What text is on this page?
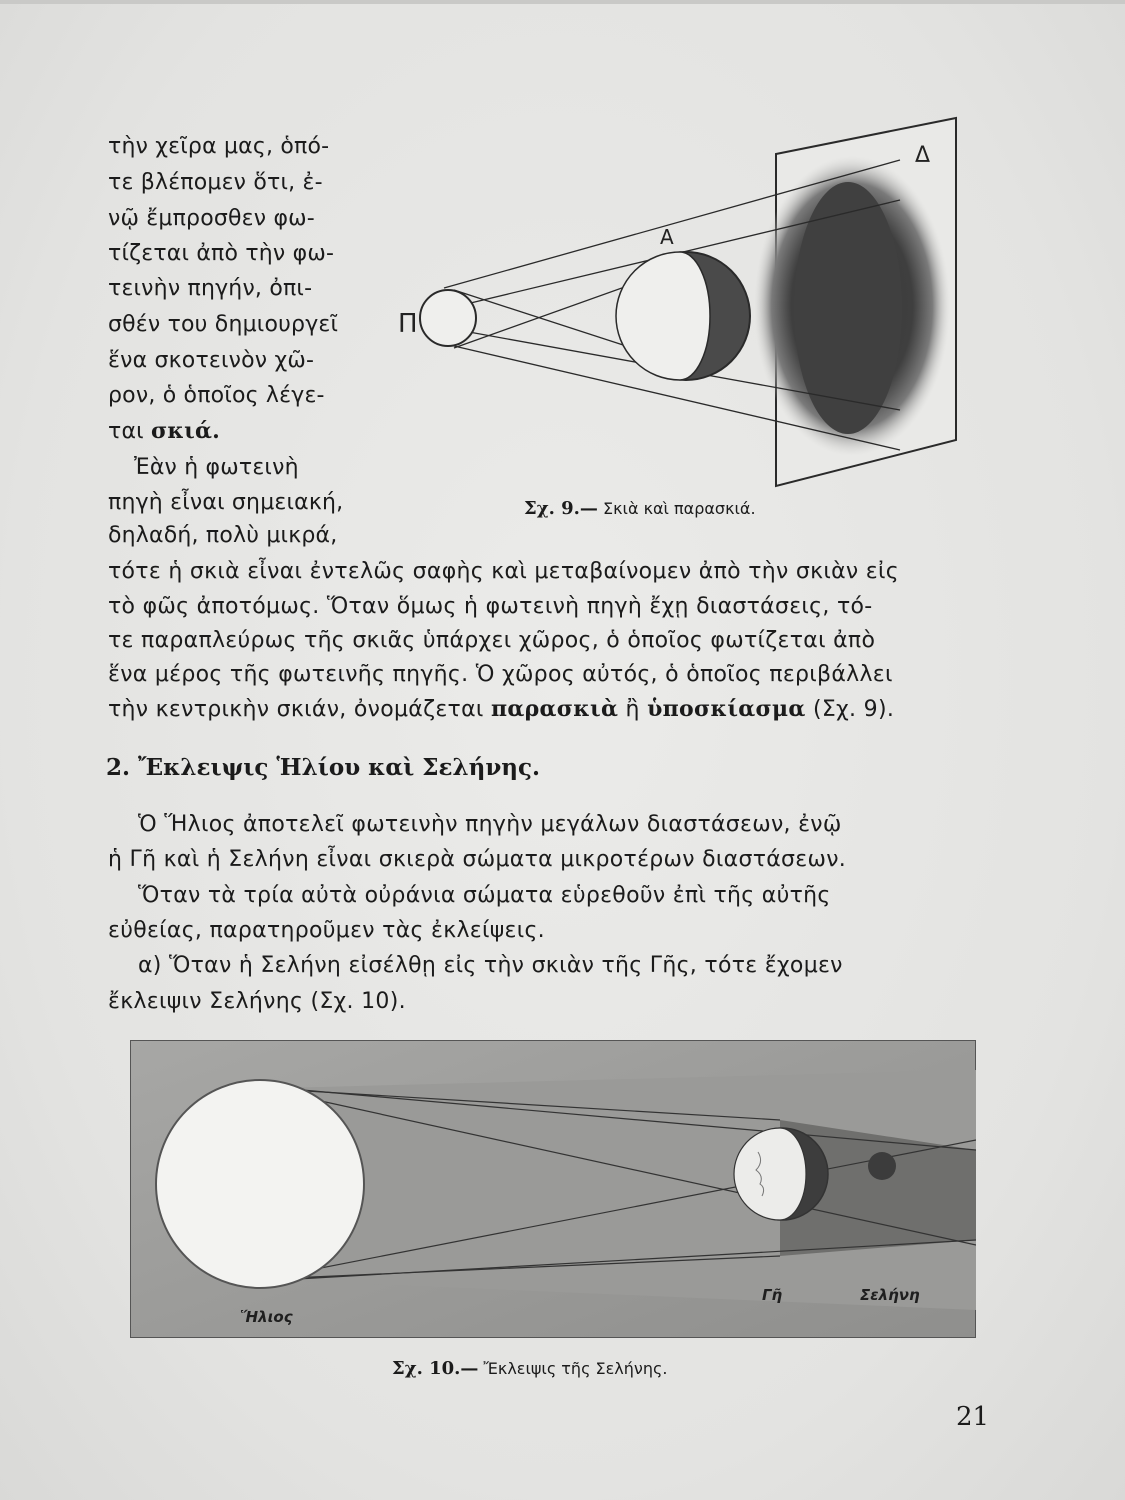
τὴν χεῖρα μας, ὁπό-
τε βλέπομεν ὅτι, ἐ-
νῷ ἔμπροσθεν φω-
τίζεται ἀπὸ τὴν φω-
τεινὴν πηγήν, ὀπι-
σθέν του δημιουργεῖ
ἕνα σκοτεινὸν χῶ-
ρον, ὁ ὁποῖος λέγε-
ται σκιά.
Ἐὰν ἡ φωτεινὴ
πηγὴ εἶναι σημειακή,
δηλαδή, πολὺ μικρά,
Π
Α
Δ
Σχ. 9.— Σκιὰ καὶ παρασκιά.
τότε ἡ σκιὰ εἶναι ἐντελῶς σαφὴς καὶ μεταβαίνομεν ἀπὸ τὴν σκιὰν εἰς
τὸ φῶς ἀποτόμως. Ὅταν ὅμως ἡ φωτεινὴ πηγὴ ἔχῃ διαστάσεις, τό-
τε παραπλεύρως τῆς σκιᾶς ὑπάρχει χῶρος, ὁ ὁποῖος φωτίζεται ἀπὸ
ἕνα μέρος τῆς φωτεινῆς πηγῆς. Ὁ χῶρος αὐτός, ὁ ὁποῖος περιβάλλει
τὴν κεντρικὴν σκιάν, ὀνομάζεται παρασκιὰ ἢ ὑποσκίασμα (Σχ. 9).
2. Ἔκλειψις Ἡλίου καὶ Σελήνης.
Ὁ Ἥλιος ἀποτελεῖ φωτεινὴν πηγὴν μεγάλων διαστάσεων, ἐνῷ
ἡ Γῆ καὶ ἡ Σελήνη εἶναι σκιερὰ σώματα μικροτέρων διαστάσεων.
Ὅταν τὰ τρία αὐτὰ οὐράνια σώματα εὑρεθοῦν ἐπὶ τῆς αὐτῆς
εὐθείας, παρατηροῦμεν τὰς ἐκλείψεις.
α) Ὅταν ἡ Σελήνη εἰσέλθῃ εἰς τὴν σκιὰν τῆς Γῆς, τότε ἔχομεν
ἔκλειψιν Σελήνης (Σχ. 10).
Ἥλιος
Γῆ	Σελήνη
Σχ. 10.— Ἔκλειψις τῆς Σελήνης.
21
